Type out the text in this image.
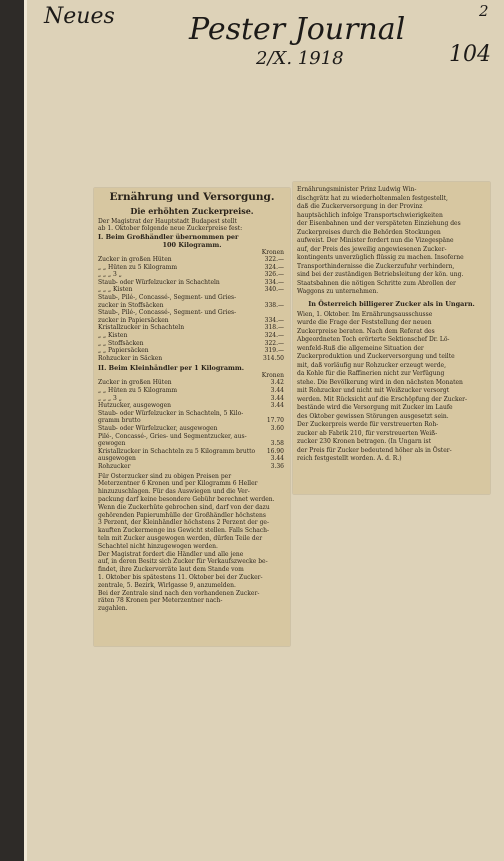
Neues Pester Journal
2/X. 1918	104
2
Ernährung und Versorgung.
Die erhöhten Zuckerpreise.
Der Magistrat der Hauptstadt Budapest stellt
ab 1. Oktober folgende neue Zuckerpreise fest:
I. Beim Großhändler übernommen per
100 Kilogramm.
Kronen
Zucker in großen Hüten	322.—
„ „ Hüten zu 5 Kilogramm	324.—
„ „ „ 3 „	326.—
Staub- oder Würfelzucker in Schachteln	334.—
„ „ „ Kisten	340.—
Staub-, Pilé-, Concassé-, Segment- und Gries-
zucker in Stoffsäcken	338.—
Staub-, Pilé-, Concassé-, Segment- und Gries-
zucker in Papiersäcken	334.—
Kristallzucker in Schachteln	318.—
„ „ Kisten	324.—
„ „ Stoffsäcken	322.—
„ „ Papiersäcken	319.—
Rohzucker in Säcken	314.50
II. Beim Kleinhändler per 1 Kilogramm.
Kronen
Zucker in großen Hüten	3.42
„ „ Hüten zu 5 Kilogramm	3.44
„ „ „ 3 „	3.44
Hutzucker, ausgewogen	3.44
Staub- oder Würfelzucker in Schachteln, 5 Kilo-
gramm brutto	17.70
Staub- oder Würfelzucker, ausgewogen	3.60
Pilé-, Concassé-, Gries- und Segmentzucker, aus-
gewogen	3.58
Kristallzucker in Schachteln zu 5 Kilogramm brutto	16.90
ausgewogen	3.44
Rohzucker	3.36
Für Osterzucker sind zu obigen Preisen per
Meterzentner 6 Kronen und per Kilogramm 6 Heller
hinzuzuschlagen. Für das Auswiegen und die Ver-
packung darf keine besondere Gebühr berechnet werden.
Wenn die Zuckerhüte gebrochen sind, darf von der dazu
gehörenden Papierumhülle der Großhändler höchstens
3 Perzent, der Kleinhändler höchstens 2 Perzent der ge-
kauften Zuckermenge ins Gewicht stellen. Falls Schach-
teln mit Zucker ausgewogen werden, dürfen Teile der
Schachtel nicht hinzugewogen werden.
Der Magistrat fordert die Händler und alle jene
auf, in deren Besitz sich Zucker für Verkaufszwecke be-
findet, ihre Zuckervorräte laut dem Stande vom
1. Oktober bis spätestens 11. Oktober bei der Zucker-
zentrale, 5. Bezirk, Wirlgasse 9, anzumelden.
Bei der Zentrale sind nach den vorhandenen Zucker-
räten 78 Kronen per Meterzentner nach-
zugahlen.
Ernährungsminister Prinz Ludwig Win-
dischgrätz hat zu wiederholtenmalen festgestellt,
daß die Zuckerversorgung in der Provinz
hauptsächlich infolge Transportschwierigkeiten
der Eisenbahnen und der verspäteten Einziehung des
Zuckerpreises durch die Behörden Stockungen
aufweist. Der Minister fordert nun die Vizegespäne
auf, der Preis des jeweilig angewiesenen Zucker-
kontingents unverzüglich flüssig zu machen. Insoferne
Transporthindernisse die Zuckerzufuhr verhindern,
sind bei der zuständigen Betriebsleitung der kön. ung.
Staatsbahnen die nötigen Schritte zum Abrollen der
Waggons zu unternehmen.
In Österreich billigerer Zucker als in Ungarn.
Wien, 1. Oktober. Im Ernährungsausschusse
wurde die Frage der Feststellung der neuen
Zuckerpreise beraten. Nach dem Referat des
Abgeordneten Toch erörterte Sektionschef Dr. Lö-
wenfeld-Ruß die allgemeine Situation der
Zuckerproduktion und Zuckerversorgung und teilte
mit, daß vorläufig nur Rohzucker erzeugt werde,
da Kohle für die Raffinerien nicht zur Verfügung
stehe. Die Bevölkerung wird in den nächsten Monaten
mit Rohzucker und nicht mit Weißzucker versorgt
werden. Mit Rücksicht auf die Erschöpfung der Zucker-
bestände wird die Versorgung mit Zucker im Laufe
des Oktober gewissen Störungen ausgesetzt sein.
Der Zuckerpreis werde für verstreuerten Roh-
zucker ab Fabrik 210, für verstreuerten Weiß-
zucker 230 Kronen betragen. (In Ungarn ist
der Preis für Zucker bedeutend höher als in Öster-
reich festgestellt worden. A. d. R.)
